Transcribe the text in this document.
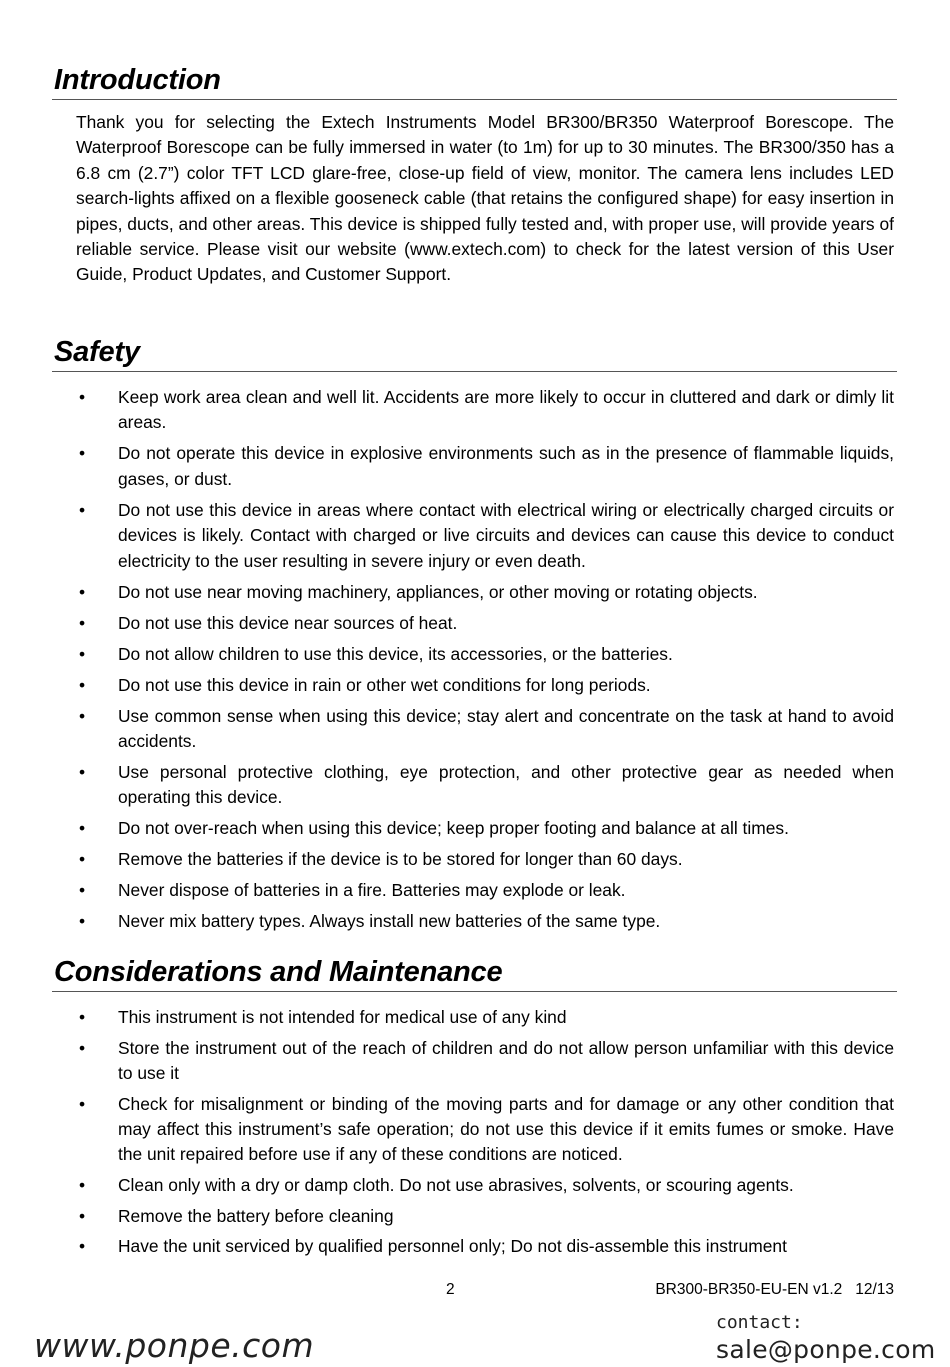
Introduction

Thank you for selecting the Extech Instruments Model BR300/BR350 Waterproof Borescope. The Waterproof Borescope can be fully immersed in water (to 1m) for up to 30 minutes. The BR300/350 has a 6.8 cm (2.7”) color TFT LCD glare-free, close-up field of view, monitor. The camera lens includes LED search-lights affixed on a flexible gooseneck cable (that retains the configured shape) for easy insertion in pipes, ducts, and other areas. This device is shipped fully tested and, with proper use, will provide years of reliable service. Please visit our website (www.extech.com) to check for the latest version of this User Guide, Product Updates, and Customer Support.

Safety
• Keep work area clean and well lit. Accidents are more likely to occur in cluttered and dark or dimly lit areas.
• Do not operate this device in explosive environments such as in the presence of flammable liquids, gases, or dust.
• Do not use this device in areas where contact with electrical wiring or electrically charged circuits or devices is likely. Contact with charged or live circuits and devices can cause this device to conduct electricity to the user resulting in severe injury or even death.
• Do not use near moving machinery, appliances, or other moving or rotating objects.
• Do not use this device near sources of heat.
• Do not allow children to use this device, its accessories, or the batteries.
• Do not use this device in rain or other wet conditions for long periods.
• Use common sense when using this device; stay alert and concentrate on the task at hand to avoid accidents.
• Use personal protective clothing, eye protection, and other protective gear as needed when operating this device.
• Do not over-reach when using this device; keep proper footing and balance at all times.
• Remove the batteries if the device is to be stored for longer than 60 days.
• Never dispose of batteries in a fire. Batteries may explode or leak.
• Never mix battery types. Always install new batteries of the same type.
Considerations and Maintenance
• This instrument is not intended for medical use of any kind
• Store the instrument out of the reach of children and do not allow person unfamiliar with this device to use it
• Check for misalignment or binding of the moving parts and for damage or any other condition that may affect this instrument’s safe operation; do not use this device if it emits fumes or smoke. Have the unit repaired before use if any of these conditions are noticed.
• Clean only with a dry or damp cloth. Do not use abrasives, solvents, or scouring agents.
• Remove the battery before cleaning
• Have the unit serviced by qualified personnel only; Do not dis-assemble this instrument
2	BR300-BR350-EU-EN v1.2   12/13
www.ponpe.com
contact:
sale@ponpe.com
